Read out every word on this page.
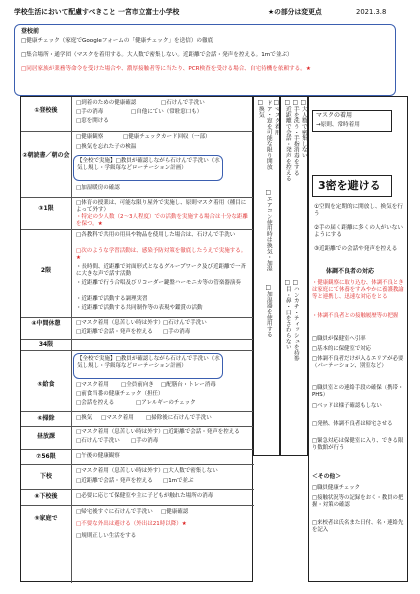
学校生活において配慮すべきこと 一宮市立富士小学校	★の部分は変更点	2021.3.8
登校前
□健康チェック（家庭でGoogleフォームの「健康チェック」を送信）の徹底
□集合場所・通学団（マスクを着用する。大人数で密集しない。近距離で会話・発声を控える。1mで並ぶ）
□同居家族が業務等命令を受けた場合や、濃厚接触者等に当たり、PCR検査を受ける場合、自宅待機を依頼する。★
①登校後
□到着のための健康確認	□石けんで手洗い
□手の消毒	□自他にてい（常駐窓口も）
□窓を開ける
②朝読書／朝の会
□健康観察	□健康チェックカード回収（一部）
□換気を忘れた子の検温
【全校で実施】□教員が確認しながら石けんで手洗い（水気し規し・学級毎などローテーション計画）
□加湿暖房の確認
③1限
□体育の授業は、可能な限り屋外で実施し、原則マスク着用（種目によって外す）
・特定の少人数（2～3人程度）での活動を実施する場合は十分な距離を保つ。★
2限
□各教科で共用の用具や物品を使用した場合は、石けんで手洗い
□次のような学習活動は、感染予防対策を徹底したうえで実施する。★
・長時間、近距離で対面形式となるグループワーク及び近距離で一斉に大きな声で話す活動
・近距離で行う合唱及びリコーダー鍵盤ハーモニカ等の管楽器演奏
・近距離で活動する調理実習
・近距離で活動する共同制作等の表現や鑑賞の活動
④中間休憩	□マスク着用（息苦しい時は外す） □石けんで手洗い
□近距離で会話・発声を控える □手の消毒
34限
⑤給食
【全校で実施】□教員が確認しながら石けんで手洗い（水気し規し・学級毎などローテーション計画）
□マスク着用 □全員前向き □配膳台・トレー消毒
□前食当番の健康チェック（担任）
□会話を控える	□アレルギーのチェック
⑥掃除	□換気 □マスク着用 □掃除後に石けんで手洗い
昼放課
□マスク着用（息苦しい時は外す） □近距離で会話・発声を控える
□石けんで手洗い □手の消毒
⑦56限	□午後の健康観察
下校
□マスク着用（息苦しい時は外す） □大人数で密集しない
□近距離で会話・発声を控える □1mで並ぶ
⑧下校後	□必要に応じて保健室や主に子どもが触れた場所の消毒
⑨家庭で
□帰宅後すぐに石けんで手洗い □健康確認
□不要な外出は避ける（外出は21時以降）★
□規則正しい生活をする
□換気 ドア・窓を可能な限り開放
□エアコン使用時は換気・加湿
□加湿器を使用する
□マスク着用 □近距離で会話・発声を控える □手を洗う・手指消毒をする □大人数で密集しない
□目・鼻・口をさわらない □ハンカチ・ティッシュを持参
マスクの着用
→原則、常時着用
3密を避ける
①空間を定期的に開放し、換気を行う
②手の届く距離に多くの人がいないようにする
③近距離での会話や発声を控える
体調不良者の対応
・健康観察に取り込む、体調不良ときは家庭にて休養をすみやかに養護教諭等と連携し、迅速な対応をとる
・体調不良者との接触履歴等の把握
□職員が保健室へ引率
□基本的に保健室で対応
□体調不良者だけが入るエリアが必要（パーテーション、別室など）
□職員室との連絡手段の確保（携帯・PHS）
□ベッドは様子確認もしない
□発熱、体調不良者は帰宅させる
□緊急対応は保健室に入り、できる限り数館が行う
＜その他＞
□職員健康チェック
□接触状況等の記録をおく・教員の把握・対策の確認
□来校者は氏名また日付、名・連絡先を記入
